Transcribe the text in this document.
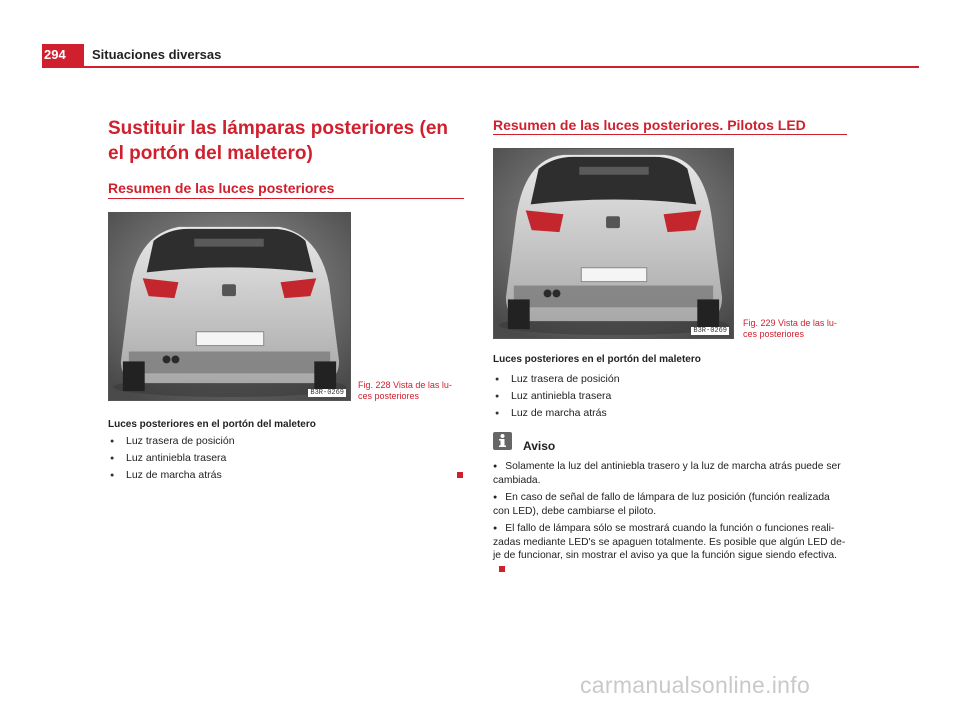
294	Situaciones diversas
Sustituir las lámparas posteriores (en el portón del maletero)
Resumen de las luces posteriores
B3R-0269
Fig. 228 Vista de las lu-ces posteriores
Luces posteriores en el portón del maletero
● Luz trasera de posición
● Luz antiniebla trasera
● Luz de marcha atrás
Resumen de las luces posteriores. Pilotos LED
B3R-0269
Fig. 229 Vista de las lu-ces posteriores
Luces posteriores en el portón del maletero
● Luz trasera de posición
● Luz antiniebla trasera
● Luz de marcha atrás
Aviso

● Solamente la luz del antiniebla trasero y la luz de marcha atrás puede ser cambiada.

● En caso de señal de fallo de lámpara de luz posición (función realizada con LED), debe cambiarse el piloto.

● El fallo de lámpara sólo se mostrará cuando la función o funciones reali-zadas mediante LED's se apaguen totalmente. Es posible que algún LED de-je de funcionar, sin mostrar el aviso ya que la función sigue siendo efectiva.

carmanualsonline.info
